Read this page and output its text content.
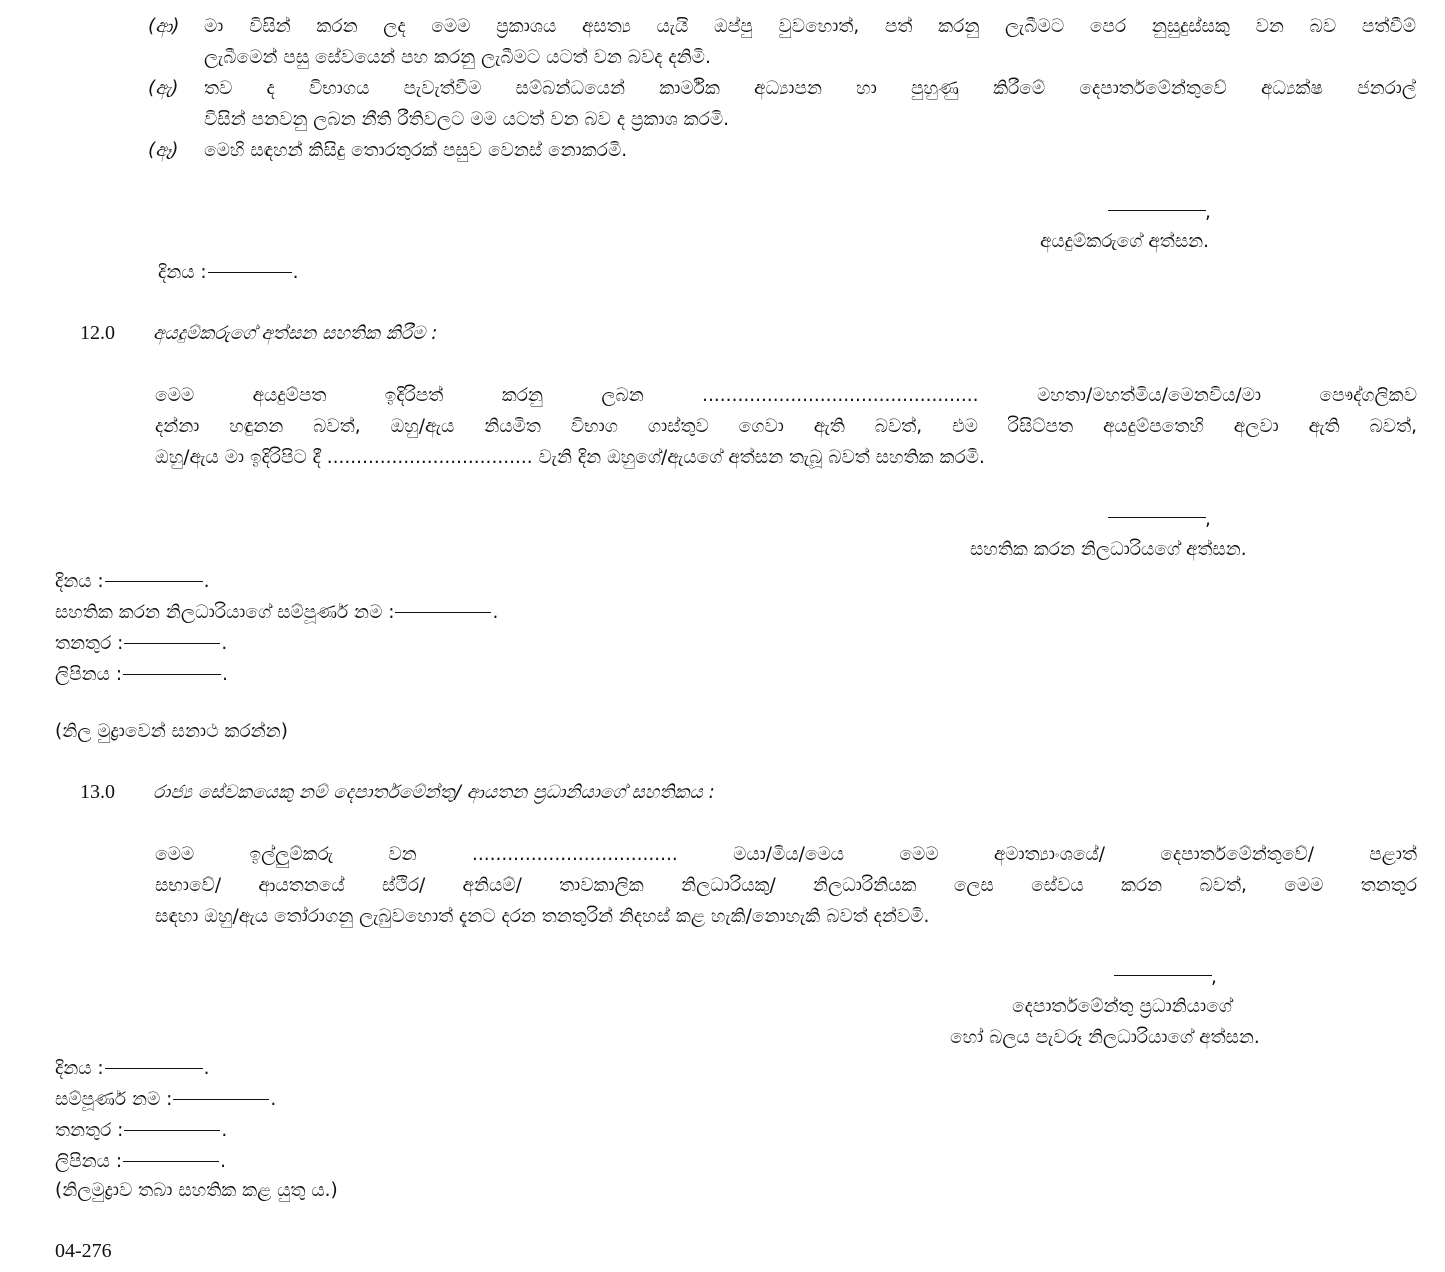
(ආ)	මා විසින් කරන ලද මෙම ප්‍රකාශය අසත්‍ය යැයි ඔප්පු වුවහොත්, පත් කරනු ලැබීමට පෙර නුසුදුස්සකු වන බව පත්වීම්
ලැබීමෙන් පසු සේවයෙන් පහ කරනු ලැබීමට යටත් වන බවද දනිමි.
(ඇ)	තව ද විභාගය පැවැත්වීම සම්බන්ධයෙන් කාර්මික අධ්‍යාපන හා පුහුණු කිරීමේ දෙපාර්තමේන්තුවේ අධ්‍යක්ෂ ජනරාල්
විසින් පනවනු ලබන නීති රීතිවලට මම යටත් වන බව ද ප්‍රකාශ කරමි.
(ඈ)	මෙහි සඳහන් කිසිදු තොරතුරක් පසුව වෙනස් නොකරමි.
,
අයදුම්කරුගේ අත්සන.
දිනය :	.
12.0 අයදුම්කරුගේ අත්සන සහතික කිරීම :
මෙම අයදුම්පත ඉදිරිපත් කරනු ලබන ............................................... මහතා/මහත්මිය/මෙනවිය/මා පෞද්ගලිකව
දන්නා හඳුනන බවත්, ඔහු/ඇය නියමිත විභාග ගාස්තුව ගෙවා ඇති බවත්, එම රිසිට්පත අයදුම්පතෙහි අලවා ඇති බවත්,
ඔහු/ඇය මා ඉදිරිපිට දී ................................... වැනි දින ඔහුගේ/ඇයගේ අත්සන තැබූ බවත් සහතික කරමි.
,
සහතික කරන නිලධාරියගේ අත්සන.
දිනය :	.
සහතික කරන නිලධාරියාගේ සම්පූර්ණ නම :	.
තනතුර :	.
ලිපිනය :	.
(නිල මුද්‍රාවෙන් සනාථ කරන්න)
13.0 රාජ්‍ය සේවකයෙකු නම් දෙපාර්තමේන්තු/ ආයතන ප්‍රධානියාගේ සහතිකය :
මෙම ඉල්ලුම්කරු වන ................................... මයා/මිය/මෙය මෙම අමාත්‍යාංශයේ/ දෙපාර්තමේන්තුවේ/ පළාත්
සභාවේ/ ආයතනයේ ස්ථිර/ අනියම්/ තාවකාලික නිලධාරියකු/ නිලධාරිනියක ලෙස සේවය කරන බවත්, මෙම තනතුර
සඳහා ඔහු/ඇය තෝරාගනු ලැබුවහොත් දැනට දරන තනතුරින් නිදහස් කළ හැකි/නොහැකි බවත් දන්වමි.
,
දෙපාර්තමේන්තු ප්‍රධානියාගේ
හෝ බලය පැවරූ නිලධාරියාගේ අත්සන.
දිනය :	.
සම්පූර්ණ නම :	.
තනතුර :	.
ලිපිනය :	.
(නිලමුද්‍රාව තබා සහතික කළ යුතු ය.)
04-276
